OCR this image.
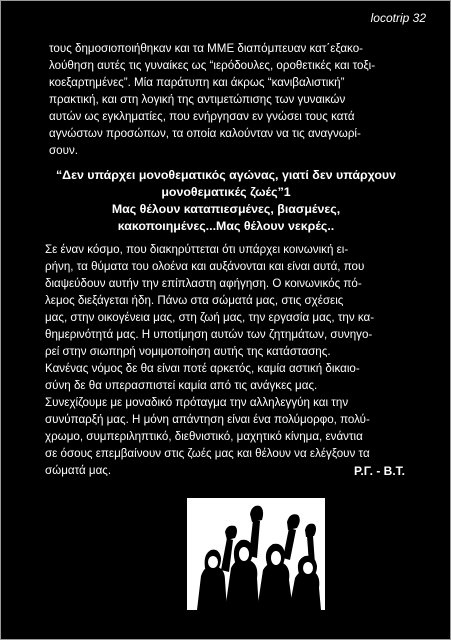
locotrip 32

τους δημοσιοποιήθηκαν και τα ΜΜΕ διαπόμπευαν κατ΄εξακο-
λούθηση αυτές τις γυναίκες ως “ιερόδουλες, οροθετικές και τοξι-
κοεξαρτημένες”. Μία παράτυπη και άκρως “κανιβαλιστική”
πρακτική, και στη λογική της αντιμετώπισης των γυναικών
αυτών ως εγκληματίες, που ενήργησαν εν γνώσει τους κατά
αγνώστων προσώπων, τα οποία καλούνταν να τις αναγνωρί-
σουν.

“Δεν υπάρχει μονοθεματικός αγώνας, γιατί δεν υπάρχουν
μονοθεματικές ζωές”1
Μας θέλουν καταπιεσμένες, βιασμένες,
κακοποιημένες...Μας θέλουν νεκρές..

Σε έναν κόσμο, που διακηρύττεται ότι υπάρχει κοινωνική ει-
ρήνη, τα θύματα του ολοένα και αυξάνονται και είναι αυτά, που
διαψεύδουν αυτήν την επίπλαστη αφήγηση. Ο κοινωνικός πό-
λεμος διεξάγεται ήδη. Πάνω στα σώματά μας, στις σχέσεις
μας, στην οικογένεια μας, στη ζωή μας, την εργασία μας, την κα-
θημερινότητά μας. Η υποτίμηση αυτών των ζητημάτων, συνηγο-
ρεί στην σιωπηρή νομιμοποίηση αυτής της κατάστασης.
Κανένας νόμος δε θα είναι ποτέ αρκετός, καμία αστική δικαιο-
σύνη δε θα υπερασπιστεί καμία από τις ανάγκες μας.
Συνεχίζουμε με μοναδικό πρόταγμα την αλληλεγγύη και την
συνύπαρξή μας. Η μόνη απάντηση είναι ένα πολύμορφο, πολύ-
χρωμο, συμπεριληπτικό, διεθνιστικό, μαχητικό κίνημα, ενάντια
σε όσους επεμβαίνουν στις ζωές μας και θέλουν να ελέγξουν τα
σώματά μας.	Ρ.Γ. - Β.Τ.
